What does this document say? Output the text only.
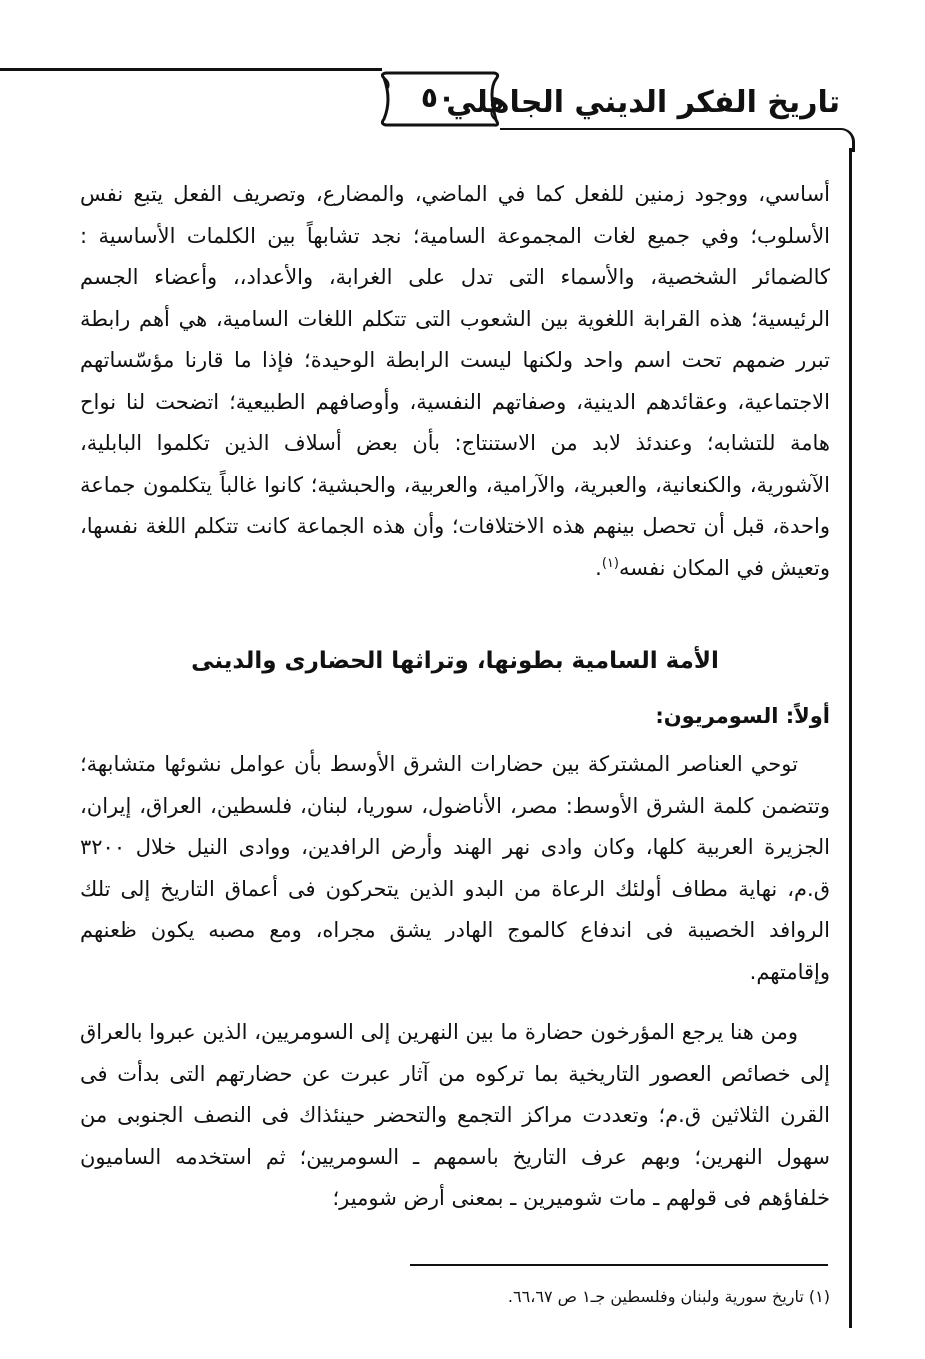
٥٠
تاريخ الفكر الديني الجاهلي

أساسي، ووجود زمنين للفعل كما في الماضي، والمضارع، وتصريف الفعل يتبع نفس الأسلوب؛ وفي جميع لغات المجموعة السامية؛ نجد تشابهاً بين الكلمات الأساسية : كالضمائر الشخصية، والأسماء التى تدل على الغرابة، والأعداد،، وأعضاء الجسم الرئيسية؛ هذه القرابة اللغوية بين الشعوب التى تتكلم اللغات السامية، هي أهم رابطة تبرر ضمهم تحت اسم واحد ولكنها ليست الرابطة الوحيدة؛ فإذا ما قارنا مؤسّساتهم الاجتماعية، وعقائدهم الدينية، وصفاتهم النفسية، وأوصافهم الطبيعية؛ اتضحت لنا نواح هامة للتشابه؛ وعندئذ لابد من الاستنتاج: بأن بعض أسلاف الذين تكلموا البابلية، الآشورية، والكنعانية، والعبرية، والآرامية، والعربية، والحبشية؛ كانوا غالباً يتكلمون جماعة واحدة، قبل أن تحصل بينهم هذه الاختلافات؛ وأن هذه الجماعة كانت تتكلم اللغة نفسها، وتعيش في المكان نفسه$^{(١)}$.

الأمة السامية بطونها، وتراثها الحضارى والدينى
أولاً: السومريون:

توحي العناصر المشتركة بين حضارات الشرق الأوسط بأن عوامل نشوئها متشابهة؛ وتتضمن كلمة الشرق الأوسط: مصر، الأناضول، سوريا، لبنان، فلسطين، العراق، إيران، الجزيرة العربية كلها، وكان وادى نهر الهند وأرض الرافدين، ووادى النيل خلال ٣٢٠٠ ق.م، نهاية مطاف أولئك الرعاة من البدو الذين يتحركون فى أعماق التاريخ إلى تلك الروافد الخصيبة فى اندفاع كالموج الهادر يشق مجراه، ومع مصبه يكون ظعنهم وإقامتهم.

ومن هنا يرجع المؤرخون حضارة ما بين النهرين إلى السومريين، الذين عبروا بالعراق إلى خصائص العصور التاريخية بما تركوه من آثار عبرت عن حضارتهم التى بدأت فى القرن الثلاثين ق.م؛ وتعددت مراكز التجمع والتحضر حينئذاك فى النصف الجنوبى من سهول النهرين؛ وبهم عرف التاريخ باسمهم ـ السومريين؛ ثم استخدمه الساميون خلفاؤهم فى قولهم ـ مات شوميرين ـ بمعنى أرض شومير؛

(١) تاريخ سورية ولبنان وفلسطين جـ١ ص ٦٦،٦٧.
